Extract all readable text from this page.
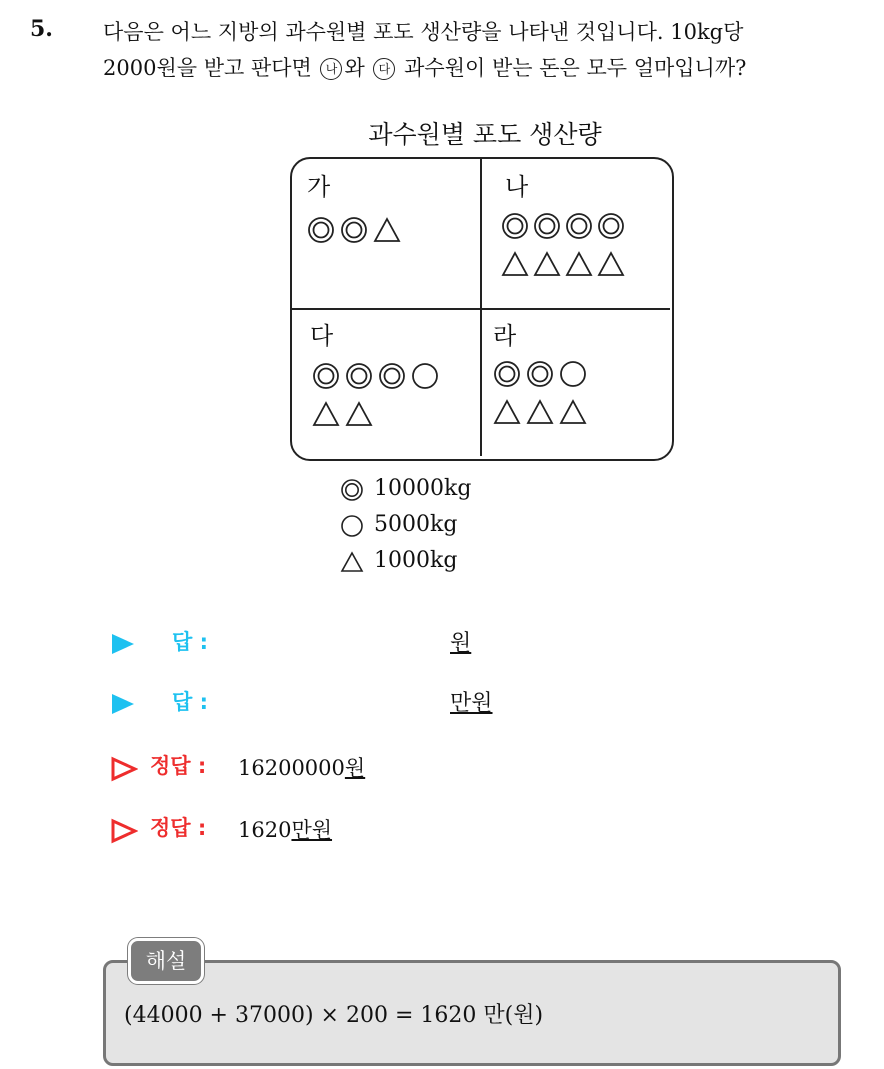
5. 다음은 어느 지방의 과수원별 포도 생산량을 나타낸 것입니다. 10kg당
2000원을 받고 판다면 나 와 다 과수원이 받는 돈은 모두 얼마입니까?
과수원별 포도 생산량
가	나
다	라
10000kg
5000kg
1000kg
답 :	원
답 :	만원
정답 : 16200000원
정답 : 1620만원
해설
(44000 + 37000) × 200 = 1620 만(원)
